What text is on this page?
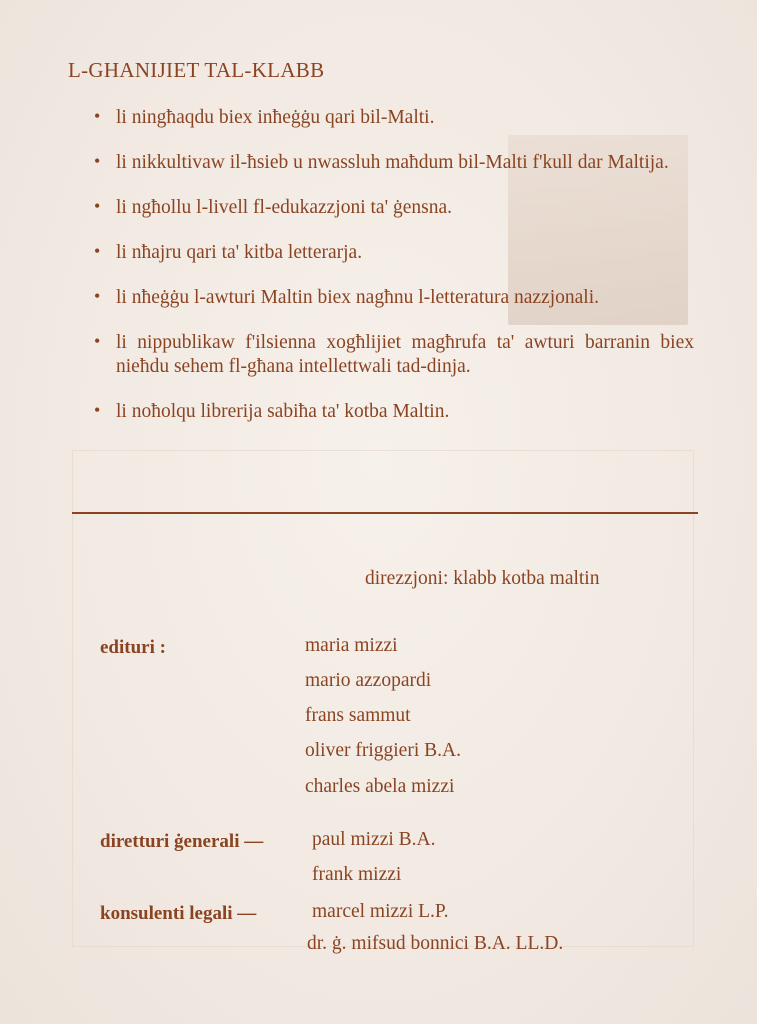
L-GHANIJIET TAL-KLABB
• li ningħaqdu biex inħeġġu qari bil-Malti.
• li nikkultivaw il-ħsieb u nwassluh maħdum bil-Malti f'kull dar Maltija.
• li ngħollu l-livell fl-edukazzjoni ta' ġensna.
• li nħajru qari ta' kitba letterarja.
• li nħeġġu l-awturi Maltin biex nagħnu l-letteratura nazzjonali.
• li nippublikaw f'ilsienna xogħlijiet magħrufa ta' awturi barranin biex nieħdu sehem fl-għana intellettwali tad-dinja.
• li noħolqu librerija sabiħa ta' kotba Maltin.
direzzjoni: klabb kotba maltin
edituri :	maria mizzi
mario azzopardi
frans sammut
oliver friggieri B.A.
charles abela mizzi
diretturi ġenerali —	paul mizzi B.A.
frank mizzi
konsulenti legali —	marcel mizzi L.P.
dr. ġ. mifsud bonnici B.A. LL.D.
